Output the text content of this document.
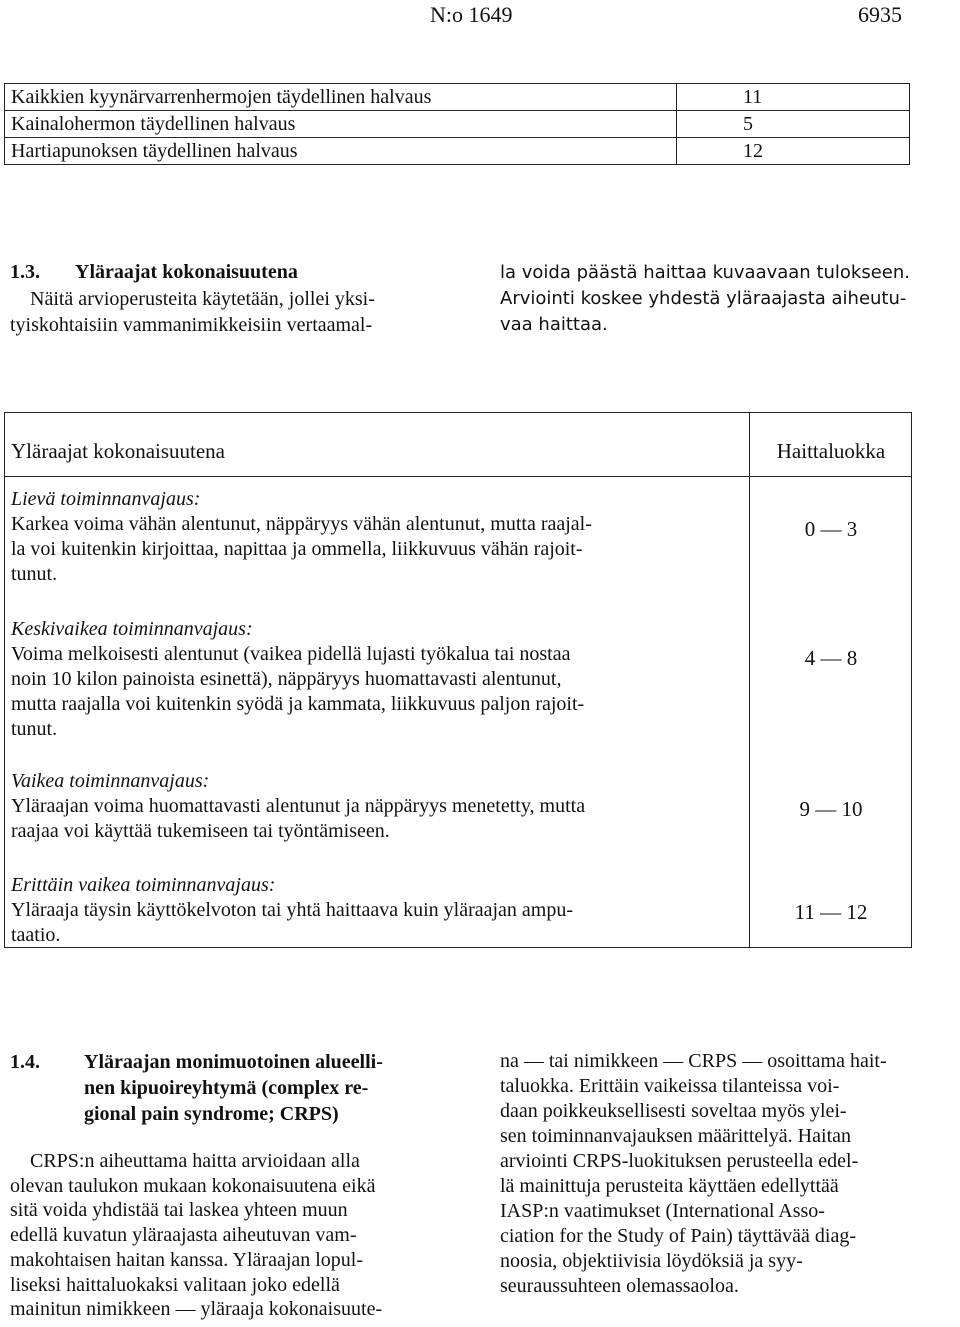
N:o 1649	6935
Kaikkien kyynärvarrenhermojen täydellinen halvaus	11
Kainalohermon täydellinen halvaus	5
Hartiapunoksen täydellinen halvaus	12
1.3. Yläraajat kokonaisuutena
Näitä arvioperusteita käytetään, jollei yksi-
tyiskohtaisiin vammanimikkeisiin vertaamal-
la voida päästä haittaa kuvaavaan tulokseen.
Arviointi koskee yhdestä yläraajasta aiheutu-
vaa haittaa.
Yläraajat kokonaisuutena	Haittaluokka
Lievä toiminnanvajaus:
Karkea voima vähän alentunut, näppäryys vähän alentunut, mutta raajal-
la voi kuitenkin kirjoittaa, napittaa ja ommella, liikkuvuus vähän rajoit-
tunut.
0 — 3
Keskivaikea toiminnanvajaus:
Voima melkoisesti alentunut (vaikea pidellä lujasti työkalua tai nostaa
noin 10 kilon painoista esinettä), näppäryys huomattavasti alentunut,
mutta raajalla voi kuitenkin syödä ja kammata, liikkuvuus paljon rajoit-
tunut.
4 — 8
Vaikea toiminnanvajaus:
Yläraajan voima huomattavasti alentunut ja näppäryys menetetty, mutta
raajaa voi käyttää tukemiseen tai työntämiseen.
9 — 10
Erittäin vaikea toiminnanvajaus:
Yläraaja täysin käyttökelvoton tai yhtä haittaava kuin yläraajan ampu-
taatio.
11 — 12
1.4. Yläraajan monimuotoinen alueelli-
nen kipuoireyhtymä (complex re-
gional pain syndrome; CRPS)
CRPS:n aiheuttama haitta arvioidaan alla
olevan taulukon mukaan kokonaisuutena eikä
sitä voida yhdistää tai laskea yhteen muun
edellä kuvatun yläraajasta aiheutuvan vam-
makohtaisen haitan kanssa. Yläraajan lopul-
liseksi haittaluokaksi valitaan joko edellä
mainitun nimikkeen — yläraaja kokonaisuute-
na — tai nimikkeen — CRPS — osoittama hait-
taluokka. Erittäin vaikeissa tilanteissa voi-
daan poikkeuksellisesti soveltaa myös ylei-
sen toiminnanvajauksen määrittelyä. Haitan
arviointi CRPS-luokituksen perusteella edel-
lä mainittuja perusteita käyttäen edellyttää
IASP:n vaatimukset (International Asso-
ciation for the Study of Pain) täyttävää diag-
noosia, objektiivisia löydöksiä ja syy-
seuraussuhteen olemassaoloa.
